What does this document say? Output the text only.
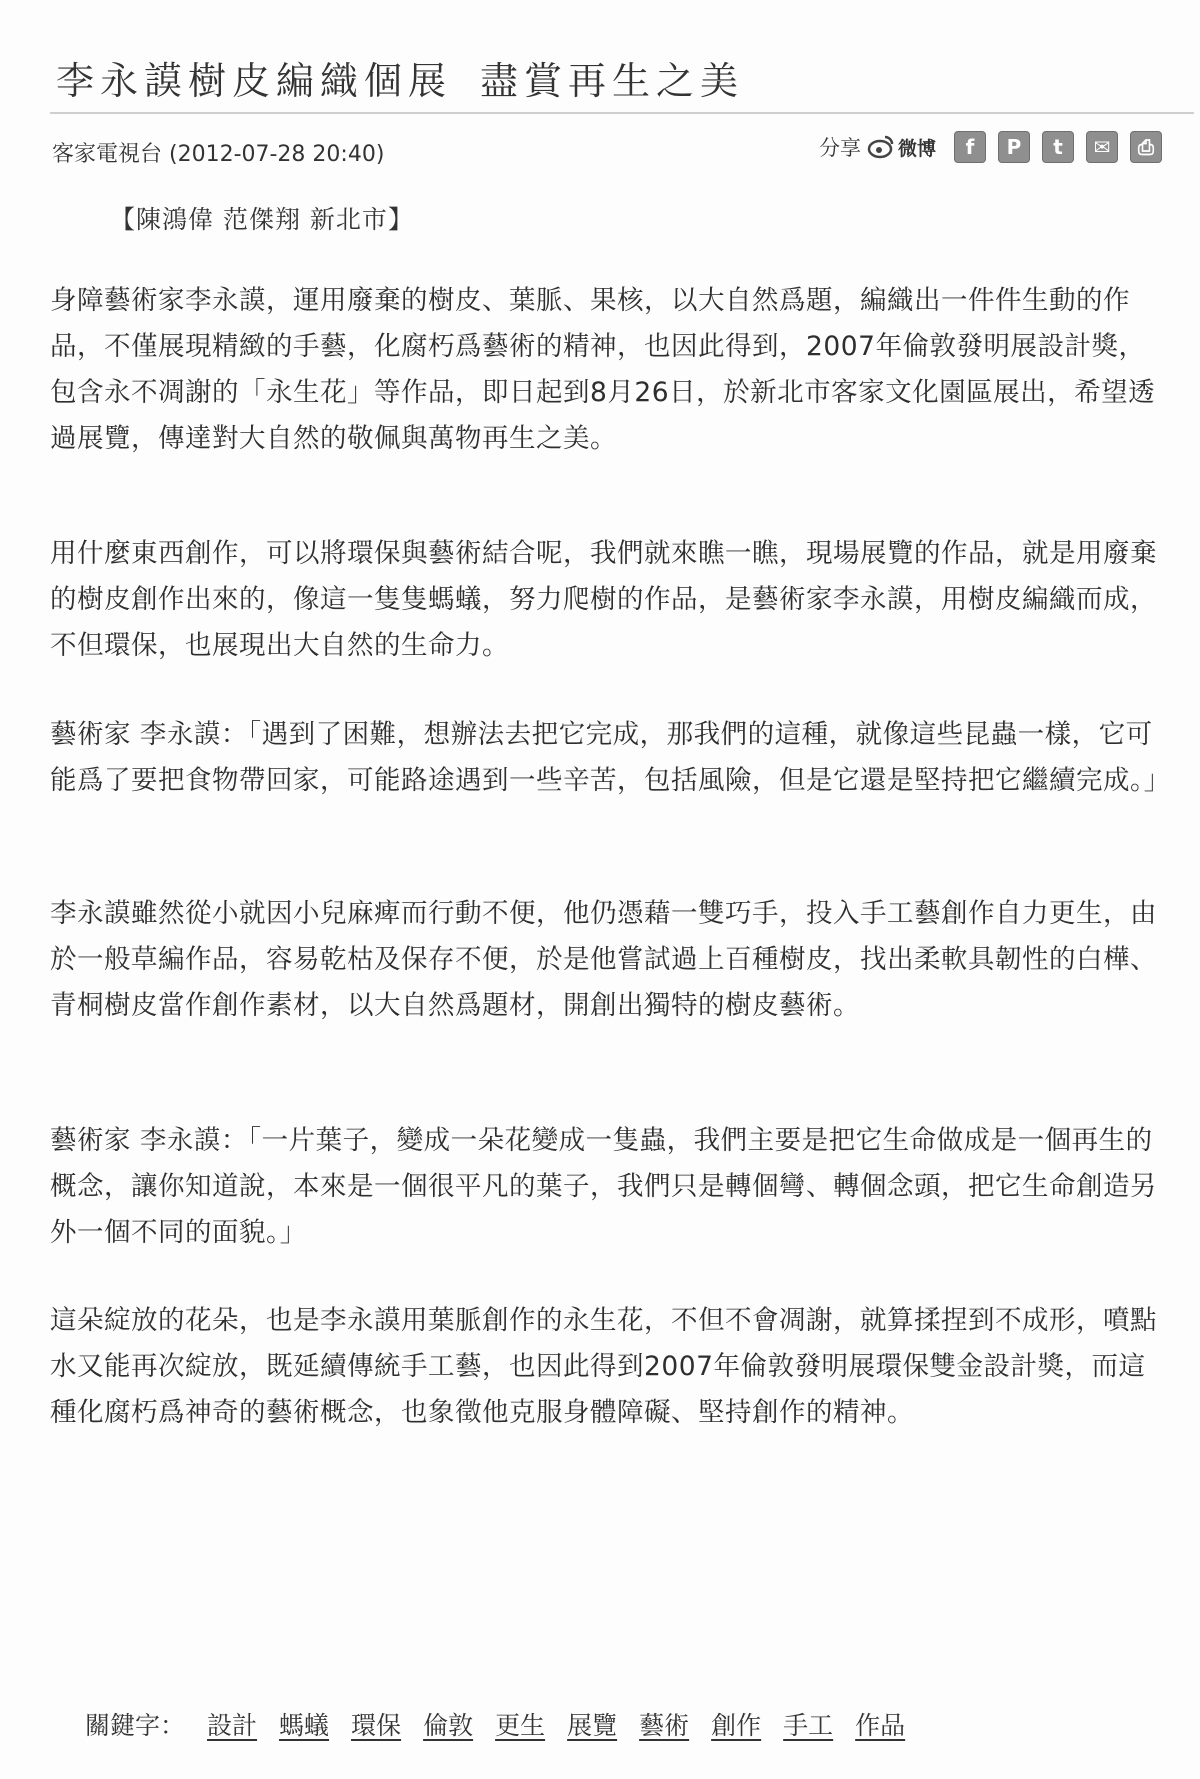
李永謨樹皮編織個展 盡賞再生之美
客家電視台 (2012-07-28 20:40)	分享 微博 f P t ✉ ⎙
【陳鴻偉 范傑翔 新北市】

身障藝術家李永謨，運用廢棄的樹皮、葉脈、果核，以大自然爲題，編織出一件件生動的作品，不僅展現精緻的手藝，化腐朽爲藝術的精神，也因此得到，2007年倫敦發明展設計獎，包含永不凋謝的「永生花」等作品，即日起到8月26日，於新北市客家文化園區展出，希望透過展覽，傳達對大自然的敬佩與萬物再生之美。

用什麼東西創作，可以將環保與藝術結合呢，我們就來瞧一瞧，現場展覽的作品，就是用廢棄的樹皮創作出來的，像這一隻隻螞蟻，努力爬樹的作品，是藝術家李永謨，用樹皮編織而成，不但環保，也展現出大自然的生命力。

藝術家 李永謨：「遇到了困難，想辦法去把它完成，那我們的這種，就像這些昆蟲一樣，它可能爲了要把食物帶回家，可能路途遇到一些辛苦，包括風險，但是它還是堅持把它繼續完成。」

李永謨雖然從小就因小兒麻痺而行動不便，他仍憑藉一雙巧手，投入手工藝創作自力更生，由於一般草編作品，容易乾枯及保存不便，於是他嘗試過上百種樹皮，找出柔軟具韌性的白樺、青桐樹皮當作創作素材，以大自然爲題材，開創出獨特的樹皮藝術。

藝術家 李永謨：「一片葉子，變成一朵花變成一隻蟲，我們主要是把它生命做成是一個再生的概念，讓你知道說，本來是一個很平凡的葉子，我們只是轉個彎、轉個念頭，把它生命創造另外一個不同的面貌。」

這朵綻放的花朵，也是李永謨用葉脈創作的永生花，不但不會凋謝，就算揉捏到不成形，噴點水又能再次綻放，既延續傳統手工藝，也因此得到2007年倫敦發明展環保雙金設計獎，而這種化腐朽爲神奇的藝術概念，也象徵他克服身體障礙、堅持創作的精神。

關鍵字： 設計 螞蟻 環保 倫敦 更生 展覽 藝術 創作 手工 作品
